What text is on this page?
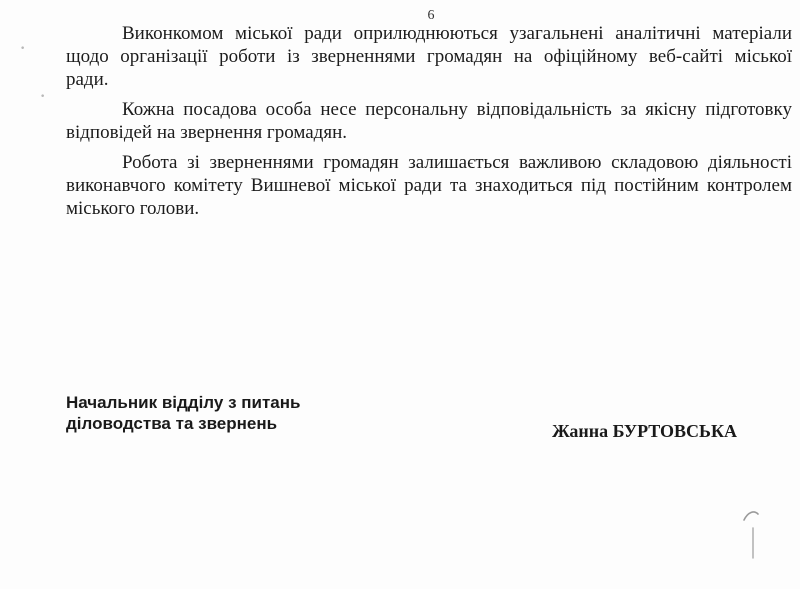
6
•
•

Виконкомом міської ради оприлюднюються узагальнені аналітичні матеріали щодо організації роботи із зверненнями громадян на офіційному веб-сайті міської ради.

Кожна посадова особа несе персональну відповідальність за якісну підготовку відповідей на звернення громадян.

Робота зі зверненнями громадян залишається важливою складовою діяльності виконавчого комітету Вишневої міської ради та знаходиться під постійним контролем міського голови.

Начальник відділу з питань
діловодства та звернень	Жанна БУРТОВСЬКА
